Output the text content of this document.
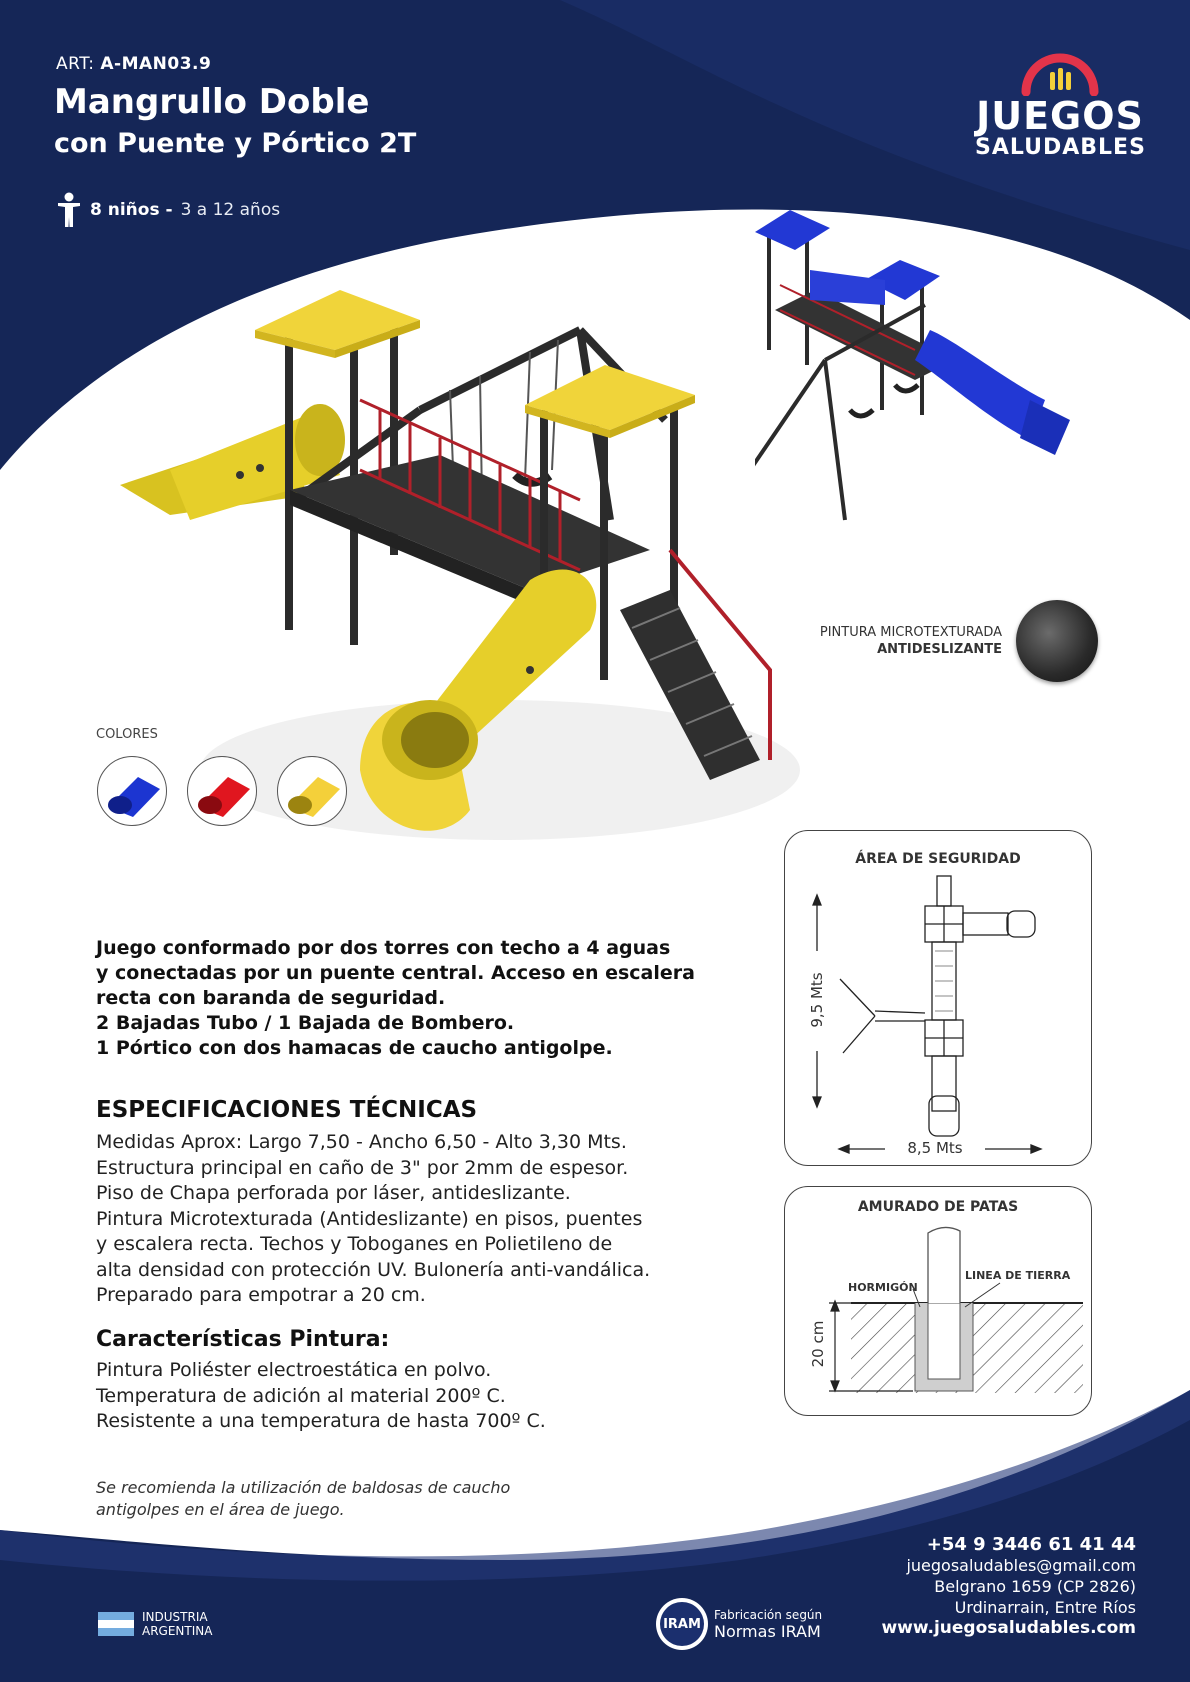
ART: A-MAN03.9
Mangrullo Doble
con Puente y Pórtico 2T
8 niños - 3 a 12 años
JUEGOS
SALUDABLES
PINTURA MICROTEXTURADA
ANTIDESLIZANTE
COLORES
Juego conformado por dos torres con techo a 4 aguas
y conectadas por un puente central. Acceso en escalera
recta con baranda de seguridad.
2 Bajadas Tubo / 1 Bajada de Bombero.
1 Pórtico con dos hamacas de caucho antigolpe.
ESPECIFICACIONES TÉCNICAS
Medidas Aprox: Largo 7,50 - Ancho 6,50 - Alto 3,30 Mts.
Estructura principal en caño de 3" por 2mm de espesor.
Piso de Chapa perforada por láser, antideslizante.
Pintura Microtexturada (Antideslizante) en pisos, puentes
y escalera recta. Techos y Toboganes en Polietileno de
alta densidad con protección UV. Bulonería anti-vandálica.
Preparado para empotrar a 20 cm.
Características Pintura:
Pintura Poliéster electroestática en polvo.
Temperatura de adición al material 200º C.
Resistente a una temperatura de hasta 700º C.
Se recomienda la utilización de baldosas de caucho
antigolpes en el área de juego.
ÁREA DE SEGURIDAD
9,5 Mts
8,5 Mts
AMURADO DE PATAS
HORMIGÓN
LINEA DE TIERRA
20 cm
+54 9 3446 61 41 44
juegosaludables@gmail.com
Belgrano 1659 (CP 2826)
Urdinarrain, Entre Ríos
www.juegosaludables.com
INDUSTRIA
ARGENTINA	IRAM
Fabricación según
Normas IRAM
